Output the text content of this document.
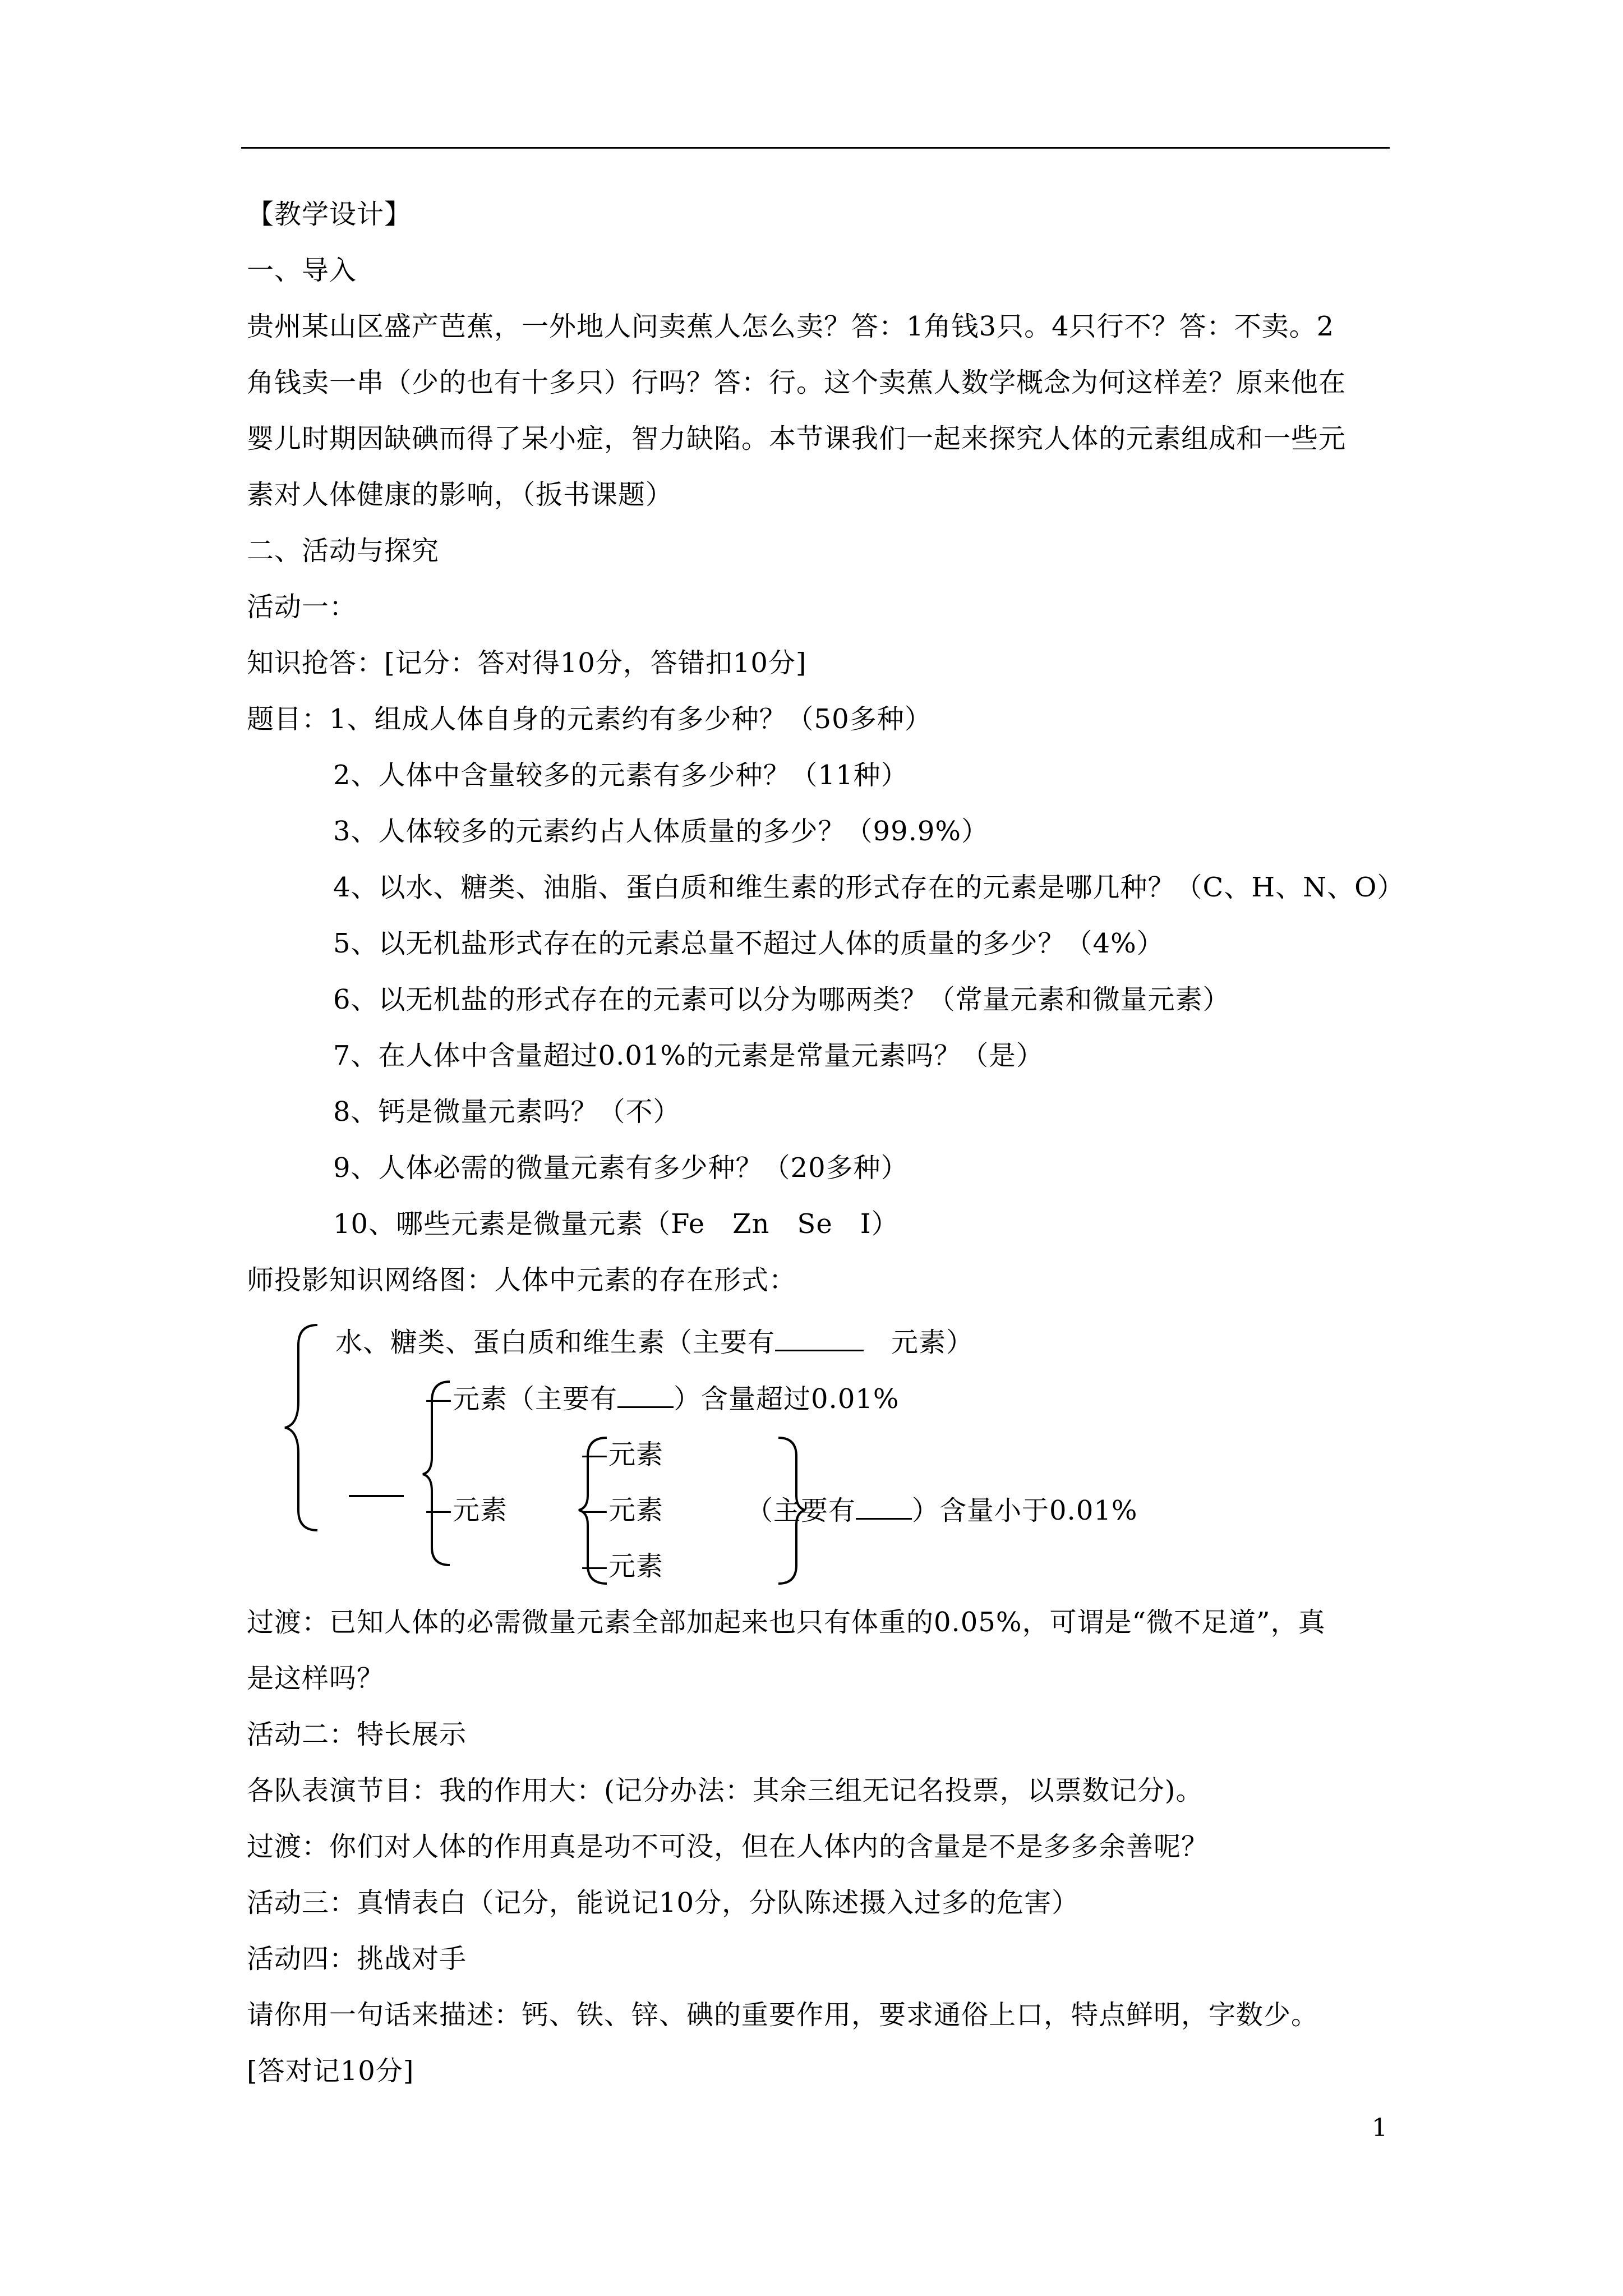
【教学设计】
一、导入
贵州某山区盛产芭蕉，一外地人问卖蕉人怎么卖？答：1角钱3只。4只行不？答：不卖。2
角钱卖一串（少的也有十多只）行吗？答：行。这个卖蕉人数学概念为何这样差？原来他在
婴儿时期因缺碘而得了呆小症，智力缺陷。本节课我们一起来探究人体的元素组成和一些元
素对人体健康的影响，（扳书课题）
二、活动与探究
活动一：
知识抢答：[记分：答对得10分，答错扣10分]
题目：1、组成人体自身的元素约有多少种？（50多种）
2、人体中含量较多的元素有多少种？（11种）
3、人体较多的元素约占人体质量的多少？（99.9%）
4、以水、糖类、油脂、蛋白质和维生素的形式存在的元素是哪几种？（C、H、N、O）
5、以无机盐形式存在的元素总量不超过人体的质量的多少？（4%）
6、以无机盐的形式存在的元素可以分为哪两类？（常量元素和微量元素）
7、在人体中含量超过0.01%的元素是常量元素吗？（是）
8、钙是微量元素吗？（不）
9、人体必需的微量元素有多少种？（20多种）
10、哪些元素是微量元素（Fe　Zn　Se　I）
师投影知识网络图：人体中元素的存在形式：
水、糖类、蛋白质和维生素（主要有　	元素）
—元素（主要有 ）含量超过0.01%
—元素
—元素	—元素	（主要有 ）含量小于0.01%
—元素
过渡：已知人体的必需微量元素全部加起来也只有体重的0.05%，可谓是“微不足道”，真
是这样吗？
活动二：特长展示
各队表演节目：我的作用大：(记分办法：其余三组无记名投票，以票数记分)。
过渡：你们对人体的作用真是功不可没，但在人体内的含量是不是多多余善呢？
活动三：真情表白（记分，能说记10分，分队陈述摄入过多的危害）
活动四：挑战对手
请你用一句话来描述：钙、铁、锌、碘的重要作用，要求通俗上口，特点鲜明，字数少。
[答对记10分]
1
